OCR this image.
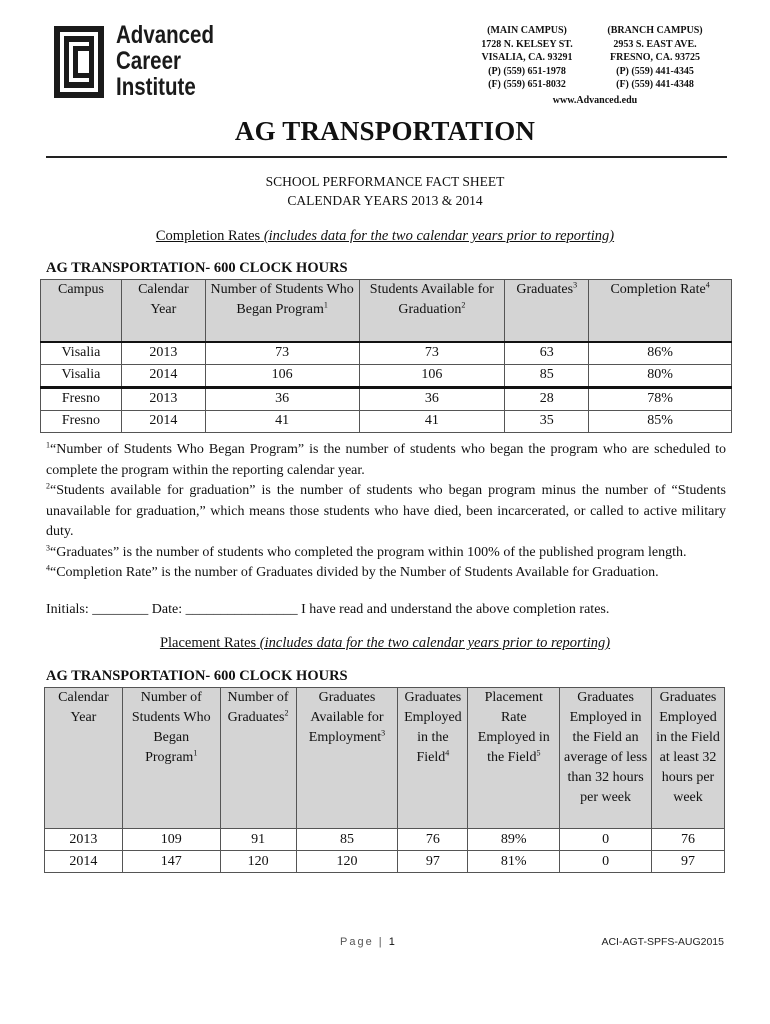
Advanced
Career
Institute
(MAIN CAMPUS)
1728 N. KELSEY ST.
VISALIA, CA. 93291
(P) (559) 651-1978
(F) (559) 651-8032
(BRANCH CAMPUS)
2953 S. EAST AVE.
FRESNO, CA. 93725
(P) (559) 441-4345
(F) (559) 441-4348
www.Advanced.edu
AG TRANSPORTATION
SCHOOL PERFORMANCE FACT SHEET
CALENDAR YEARS 2013 & 2014
Completion Rates (includes data for the two calendar years prior to reporting)
AG TRANSPORTATION- 600 CLOCK HOURS
Campus	Calendar Year	Number of Students Who Began Program$^1$	Students Available for Graduation$^2$	Graduates$^3$	Completion Rate$^4$
Visalia	2013	73	73	63	86%
Visalia	2014	106	106	85	80%
Fresno	2013	36	36	28	78%
Fresno	2014	41	41	35	85%

$^1$“Number of Students Who Began Program” is the number of students who began the program who are scheduled to complete the program within the reporting calendar year.

$^2$“Students available for graduation” is the number of students who began program minus the number of “Students unavailable for graduation,” which means those students who have died, been incarcerated, or called to active military duty.

$^3$“Graduates” is the number of students who completed the program within 100% of the published program length.

$^4$“Completion Rate” is the number of Graduates divided by the Number of Students Available for Graduation.

Initials: ________ Date: ________________ I have read and understand the above completion rates.
Placement Rates (includes data for the two calendar years prior to reporting)
AG TRANSPORTATION- 600 CLOCK HOURS
Calendar Year	Number of Students Who Began Program$^1$	Number of Graduates$^2$	Graduates Available for Employment$^3$	Graduates Employed in the Field$^4$	Placement Rate Employed in the Field$^5$	Graduates Employed in the Field an average of less than 32 hours per week	Graduates Employed in the Field at least 32 hours per week
2013	109	91	85	76	89%	0	76
2014	147	120	120	97	81%	0	97
Page | 1	ACI-AGT-SPFS-AUG2015
